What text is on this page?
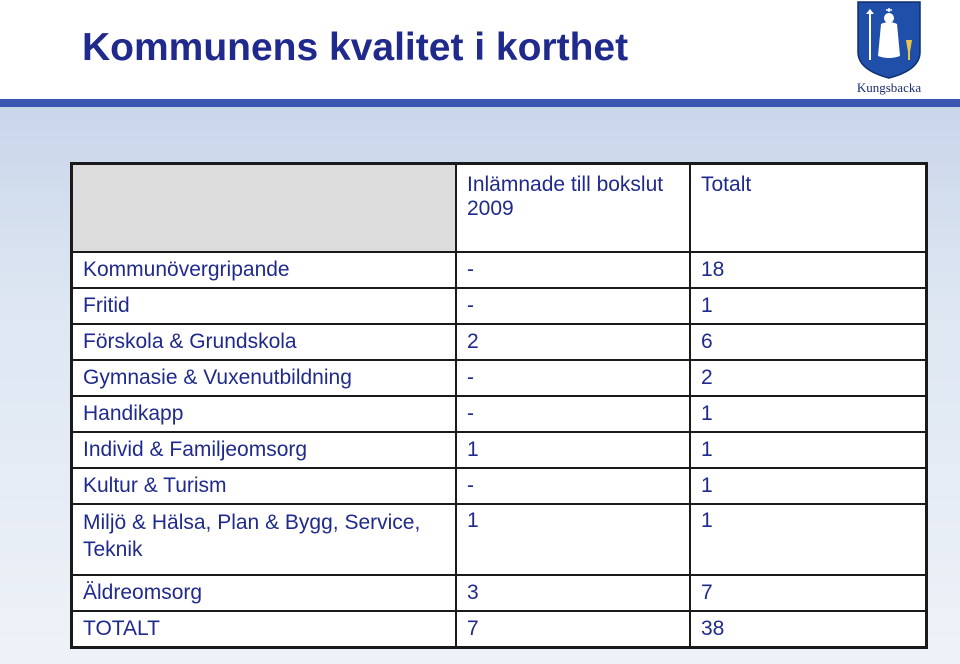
Kommunens kvalitet i korthet
Kungsbacka
	Inlämnade till bokslut 2009	Totalt
Kommunövergripande	-	18
Fritid	-	1
Förskola & Grundskola	2	6
Gymnasie & Vuxenutbildning	-	2
Handikapp	-	1
Individ & Familjeomsorg	1	1
Kultur & Turism	-	1
Miljö & Hälsa, Plan & Bygg, Service, Teknik	1	1
Äldreomsorg	3	7
TOTALT	7	38
